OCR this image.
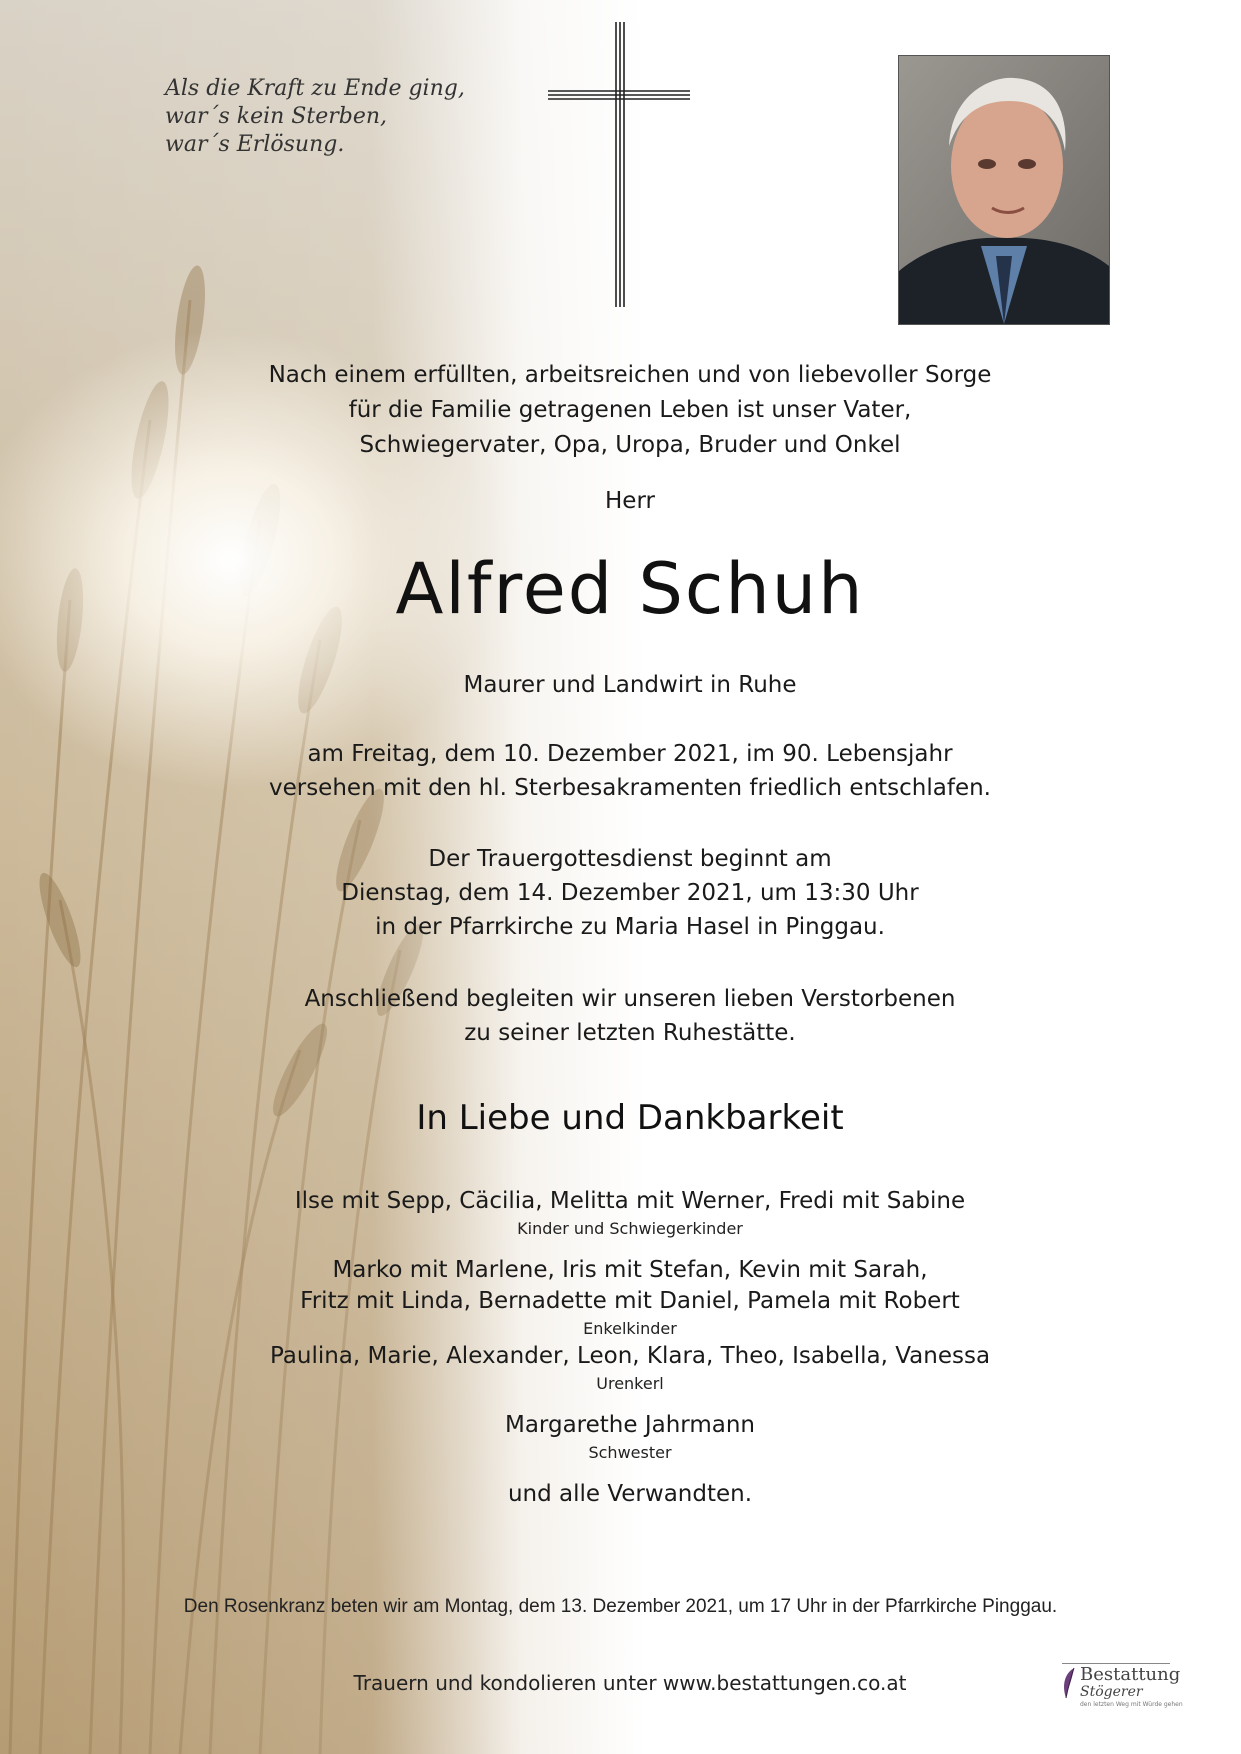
Als die Kraft zu Ende ging,
war´s kein Sterben,
war´s Erlösung.
Nach einem erfüllten, arbeitsreichen und von liebevoller Sorge
für die Familie getragenen Leben ist unser Vater,
Schwiegervater, Opa, Uropa, Bruder und Onkel
Herr
Alfred Schuh
Maurer und Landwirt in Ruhe
am Freitag, dem 10. Dezember 2021, im 90. Lebensjahr
versehen mit den hl. Sterbesakramenten friedlich entschlafen.
Der Trauergottesdienst beginnt am
Dienstag, dem 14. Dezember 2021, um 13:30 Uhr
in der Pfarrkirche zu Maria Hasel in Pinggau.
Anschließend begleiten wir unseren lieben Verstorbenen
zu seiner letzten Ruhestätte.
In Liebe und Dankbarkeit
Ilse mit Sepp, Cäcilia, Melitta mit Werner, Fredi mit Sabine
Kinder und Schwiegerkinder
Marko mit Marlene, Iris mit Stefan, Kevin mit Sarah,
Fritz mit Linda, Bernadette mit Daniel, Pamela mit Robert
Enkelkinder
Paulina, Marie, Alexander, Leon, Klara, Theo, Isabella, Vanessa
Urenkerl
Margarethe Jahrmann
Schwester
und alle Verwandten.
Den Rosenkranz beten wir am Montag, dem 13. Dezember 2021, um 17 Uhr in der Pfarrkirche Pinggau.
Trauern und kondolieren unter www.bestattungen.co.at	Bestattung
Stögerer
den letzten Weg mit Würde gehen
